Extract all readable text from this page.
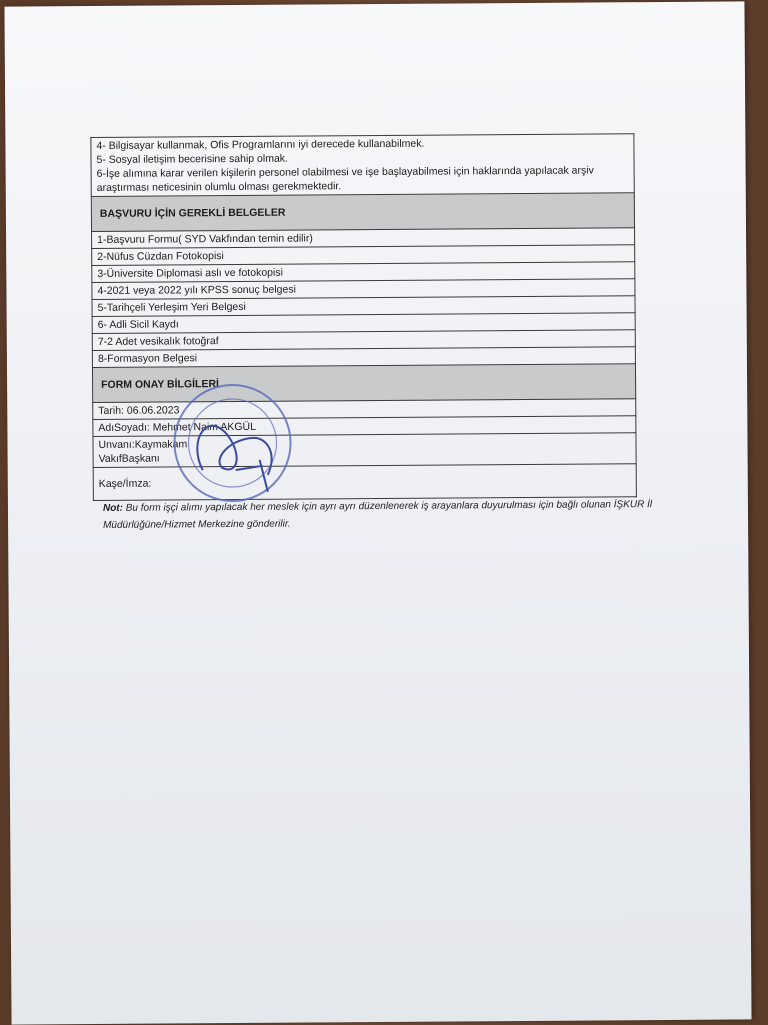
4- Bilgisayar kullanmak, Ofis Programlarını iyi derecede kullanabilmek.
5- Sosyal iletişim becerisine sahip olmak.
6-İşe alımına karar verilen kişilerin personel olabilmesi ve işe başlayabilmesi için haklarında yapılacak arşiv araştırması neticesinin olumlu olması gerekmektedir.

BAŞVURU İÇİN GEREKLİ BELGELER
1-Başvuru Formu( SYD Vakfından temin edilir)
2-Nüfus Cüzdan Fotokopisi
3-Üniversite Diplomasi aslı ve fotokopisi
4-2021 veya 2022 yılı KPSS sonuç belgesi
5-Tarihçeli Yerleşim Yeri Belgesi
6- Adli Sicil Kaydı
7-2 Adet vesikalık fotoğraf
8-Formasyon Belgesi
FORM ONAY BİLGİLERİ
Tarih: 06.06.2023
AdıSoyadı: Mehmet Naim AKGÜL

Unvanı:Kaymakam
VakıfBaşkanı

Kaşe/İmza:
Not: Bu form işçi alımı yapılacak her meslek için ayrı ayrı düzenlenerek iş arayanlara duyurulması için bağlı olunan İŞKUR İl Müdürlüğüne/Hizmet Merkezine gönderilir.
